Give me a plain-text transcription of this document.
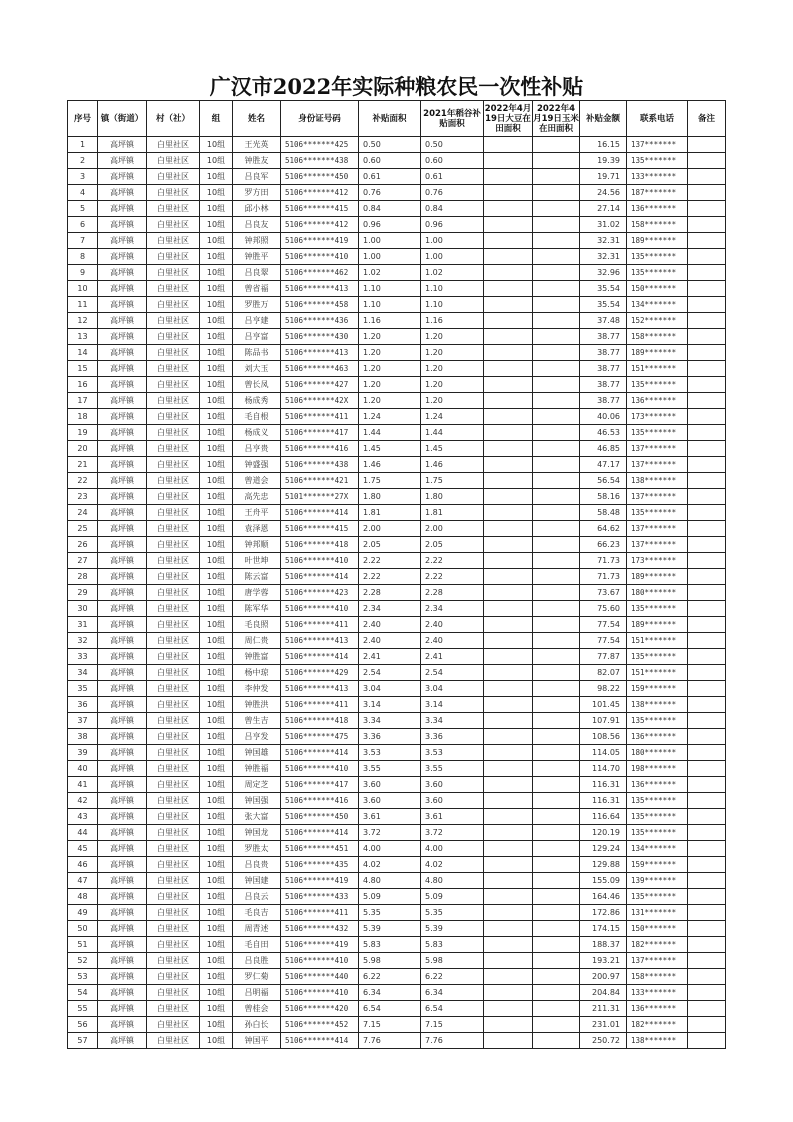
广汉市2022年实际种粮农民一次性补贴
序号	镇（街道）	村（社）	组	姓名	身份证号码	补贴面积	2021年稻谷补贴面积	2022年4月19日大豆在田面积	2022年4月19日玉米在田面积	补贴金额	联系电话	备注
1	高坪镇	白里社区	10组	王光英	5106*******425	0.50	0.50			16.15	137*******	
2	高坪镇	白里社区	10组	钟胜友	5106*******438	0.60	0.60			19.39	135*******	
3	高坪镇	白里社区	10组	吕良军	5106*******450	0.61	0.61			19.71	133*******	
4	高坪镇	白里社区	10组	罗方田	5106*******412	0.76	0.76			24.56	187*******	
5	高坪镇	白里社区	10组	邱小林	5106*******415	0.84	0.84			27.14	136*******	
6	高坪镇	白里社区	10组	吕良友	5106*******412	0.96	0.96			31.02	158*******	
7	高坪镇	白里社区	10组	钟邦照	5106*******419	1.00	1.00			32.31	189*******	
8	高坪镇	白里社区	10组	钟胜平	5106*******410	1.00	1.00			32.31	135*******	
9	高坪镇	白里社区	10组	吕良翠	5106*******462	1.02	1.02			32.96	135*******	
10	高坪镇	白里社区	10组	曾省福	5106*******413	1.10	1.10			35.54	150*******	
11	高坪镇	白里社区	10组	罗胜万	5106*******458	1.10	1.10			35.54	134*******	
12	高坪镇	白里社区	10组	吕亨建	5106*******436	1.16	1.16			37.48	152*******	
13	高坪镇	白里社区	10组	吕亨富	5106*******430	1.20	1.20			38.77	158*******	
14	高坪镇	白里社区	10组	陈品书	5106*******413	1.20	1.20			38.77	189*******	
15	高坪镇	白里社区	10组	刘大玉	5106*******463	1.20	1.20			38.77	151*******	
16	高坪镇	白里社区	10组	曾长凤	5106*******427	1.20	1.20			38.77	135*******	
17	高坪镇	白里社区	10组	杨成秀	5106*******42X	1.20	1.20			38.77	136*******	
18	高坪镇	白里社区	10组	毛自根	5106*******411	1.24	1.24			40.06	173*******	
19	高坪镇	白里社区	10组	杨成义	5106*******417	1.44	1.44			46.53	135*******	
20	高坪镇	白里社区	10组	吕亨贵	5106*******416	1.45	1.45			46.85	137*******	
21	高坪镇	白里社区	10组	钟盛强	5106*******438	1.46	1.46			47.17	137*******	
22	高坪镇	白里社区	10组	曾道会	5106*******421	1.75	1.75			56.54	138*******	
23	高坪镇	白里社区	10组	高先忠	5101*******27X	1.80	1.80			58.16	137*******	
24	高坪镇	白里社区	10组	王舟平	5106*******414	1.81	1.81			58.48	135*******	
25	高坪镇	白里社区	10组	袁泽恩	5106*******415	2.00	2.00			64.62	137*******	
26	高坪镇	白里社区	10组	钟邦顺	5106*******418	2.05	2.05			66.23	137*******	
27	高坪镇	白里社区	10组	叶世坤	5106*******410	2.22	2.22			71.73	173*******	
28	高坪镇	白里社区	10组	陈云富	5106*******414	2.22	2.22			71.73	189*******	
29	高坪镇	白里社区	10组	唐学蓉	5106*******423	2.28	2.28			73.67	180*******	
30	高坪镇	白里社区	10组	陈军华	5106*******410	2.34	2.34			75.60	135*******	
31	高坪镇	白里社区	10组	毛良照	5106*******411	2.40	2.40			77.54	189*******	
32	高坪镇	白里社区	10组	周仁贵	5106*******413	2.40	2.40			77.54	151*******	
33	高坪镇	白里社区	10组	钟胜富	5106*******414	2.41	2.41			77.87	135*******	
34	高坪镇	白里社区	10组	杨中琼	5106*******429	2.54	2.54			82.07	151*******	
35	高坪镇	白里社区	10组	李仲发	5106*******413	3.04	3.04			98.22	159*******	
36	高坪镇	白里社区	10组	钟胜洪	5106*******411	3.14	3.14			101.45	138*******	
37	高坪镇	白里社区	10组	曾生吉	5106*******418	3.34	3.34			107.91	135*******	
38	高坪镇	白里社区	10组	吕亨发	5106*******475	3.36	3.36			108.56	136*******	
39	高坪镇	白里社区	10组	钟国雄	5106*******414	3.53	3.53			114.05	180*******	
40	高坪镇	白里社区	10组	钟胜福	5106*******410	3.55	3.55			114.70	198*******	
41	高坪镇	白里社区	10组	周定芝	5106*******417	3.60	3.60			116.31	136*******	
42	高坪镇	白里社区	10组	钟国强	5106*******416	3.60	3.60			116.31	135*******	
43	高坪镇	白里社区	10组	张大富	5106*******450	3.61	3.61			116.64	135*******	
44	高坪镇	白里社区	10组	钟国龙	5106*******414	3.72	3.72			120.19	135*******	
45	高坪镇	白里社区	10组	罗胜太	5106*******451	4.00	4.00			129.24	134*******	
46	高坪镇	白里社区	10组	吕良贵	5106*******435	4.02	4.02			129.88	159*******	
47	高坪镇	白里社区	10组	钟国建	5106*******419	4.80	4.80			155.09	139*******	
48	高坪镇	白里社区	10组	吕良云	5106*******433	5.09	5.09			164.46	135*******	
49	高坪镇	白里社区	10组	毛良吉	5106*******411	5.35	5.35			172.86	131*******	
50	高坪镇	白里社区	10组	周青述	5106*******432	5.39	5.39			174.15	150*******	
51	高坪镇	白里社区	10组	毛自田	5106*******419	5.83	5.83			188.37	182*******	
52	高坪镇	白里社区	10组	吕良胜	5106*******410	5.98	5.98			193.21	137*******	
53	高坪镇	白里社区	10组	罗仁菊	5106*******440	6.22	6.22			200.97	158*******	
54	高坪镇	白里社区	10组	吕明福	5106*******410	6.34	6.34			204.84	133*******	
55	高坪镇	白里社区	10组	曾桂会	5106*******420	6.54	6.54			211.31	136*******	
56	高坪镇	白里社区	10组	孙白长	5106*******452	7.15	7.15			231.01	182*******	
57	高坪镇	白里社区	10组	钟国平	5106*******414	7.76	7.76			250.72	138*******	
